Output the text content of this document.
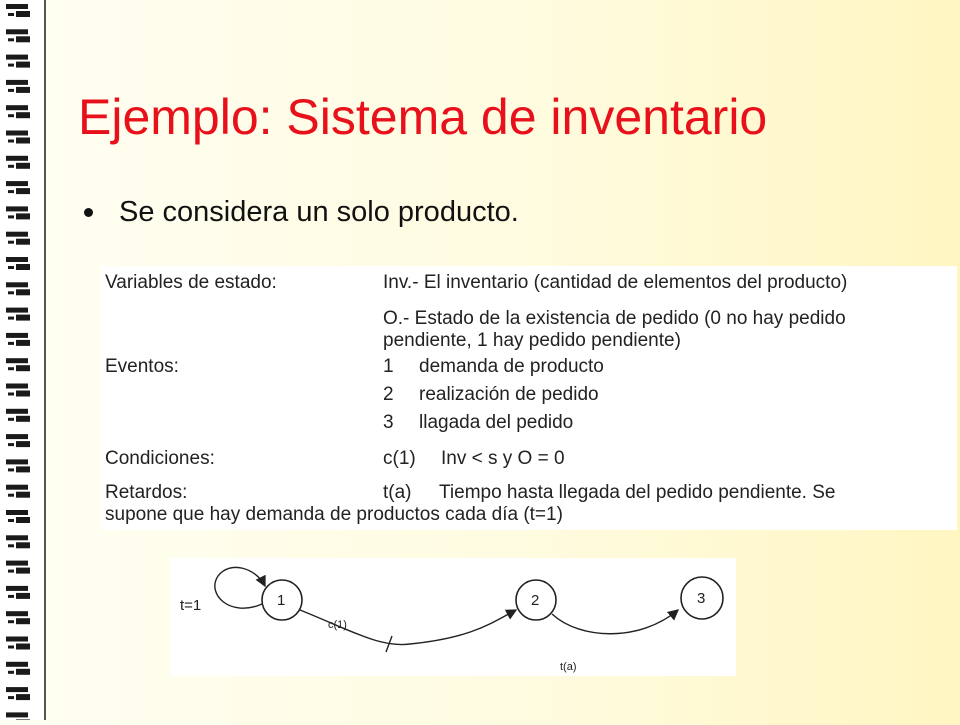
Ejemplo: Sistema de inventario
Se considera un solo producto.
Variables de estado:	Inv.- El inventario (cantidad de elementos del producto)
O.- Estado de la existencia de pedido (0 no hay pedido
pendiente, 1 hay pedido pendiente)
Eventos:	1 demanda de producto
2 realización de pedido
3 llagada del pedido
Condiciones:	c(1) Inv < s y O = 0
Retardos:	t(a) Tiempo hasta llegada del pedido pendiente. Se
supone que hay demanda de productos cada día (t=1)
t=1	1
c(1)
2
t(a)
3
